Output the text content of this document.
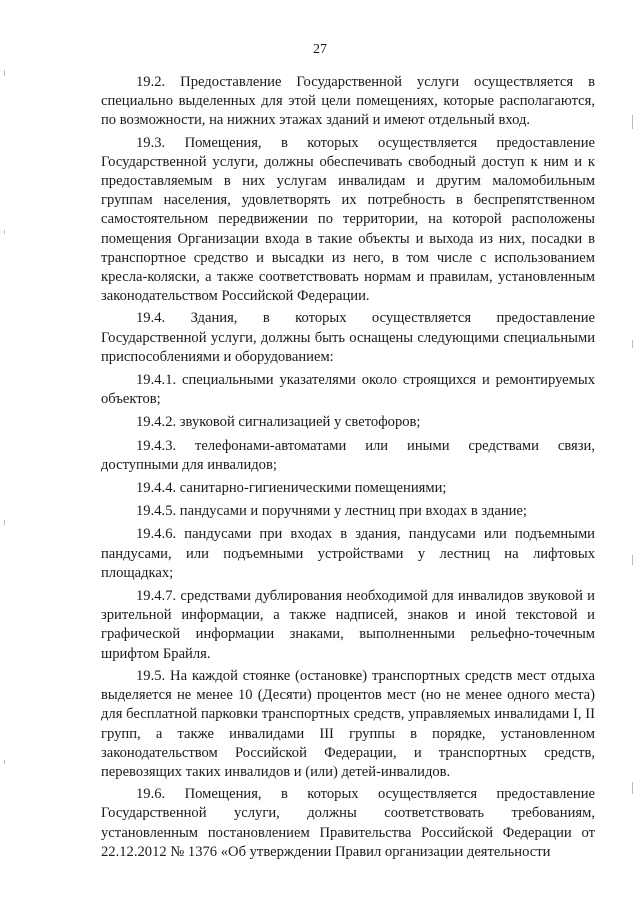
27

19.2. Предоставление Государственной услуги осуществляется в специально выделенных для этой цели помещениях, которые располагаются, по возможности, на нижних этажах зданий и имеют отдельный вход.

19.3. Помещения, в которых осуществляется предоставление Государственной услуги, должны обеспечивать свободный доступ к ним и к предоставляемым в них услугам инвалидам и другим маломобильным группам населения, удовлетворять их потребность в беспрепятственном самостоятельном передвижении по территории, на которой расположены помещения Организации входа в такие объекты и выхода из них, посадки в транспортное средство и высадки из него, в том числе с использованием кресла-коляски, а также соответствовать нормам и правилам, установленным законодательством Российской Федерации.

19.4. Здания, в которых осуществляется предоставление Государственной услуги, должны быть оснащены следующими специальными приспособлениями и оборудованием:

19.4.1. специальными указателями около строящихся и ремонтируемых объектов;

19.4.2. звуковой сигнализацией у светофоров;

19.4.3. телефонами-автоматами или иными средствами связи, доступными для инвалидов;

19.4.4. санитарно-гигиеническими помещениями;

19.4.5. пандусами и поручнями у лестниц при входах в здание;

19.4.6. пандусами при входах в здания, пандусами или подъемными пандусами, или подъемными устройствами у лестниц на лифтовых площадках;

19.4.7. средствами дублирования необходимой для инвалидов звуковой и зрительной информации, а также надписей, знаков и иной текстовой и графической информации знаками, выполненными рельефно-точечным шрифтом Брайля.

19.5. На каждой стоянке (остановке) транспортных средств мест отдыха выделяется не менее 10 (Десяти) процентов мест (но не менее одного места) для бесплатной парковки транспортных средств, управляемых инвалидами I, II групп, а также инвалидами III группы в порядке, установленном законодательством Российской Федерации, и транспортных средств, перевозящих таких инвалидов и (или) детей-инвалидов.

19.6. Помещения, в которых осуществляется предоставление Государственной услуги, должны соответствовать требованиям, установленным постановлением Правительства Российской Федерации от 22.12.2012 № 1376 «Об утверждении Правил организации деятельности
